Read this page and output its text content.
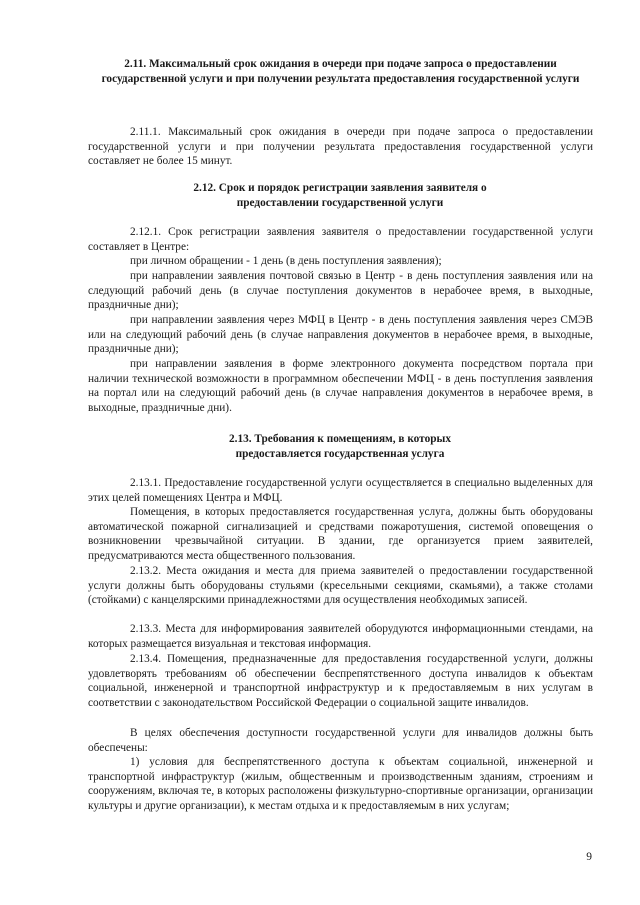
2.11. Максимальный срок ожидания в очереди при подаче запроса о предоставлении государственной услуги и при получении результата предоставления государственной услуги
2.11.1. Максимальный срок ожидания в очереди при подаче запроса о предоставлении государственной услуги и при получении результата предоставления государственной услуги составляет не более 15 минут.
2.12. Срок и порядок регистрации заявления заявителя о предоставлении государственной услуги
2.12.1. Срок регистрации заявления заявителя о предоставлении государственной услуги составляет в Центре:
при личном обращении - 1 день (в день поступления заявления);
при направлении заявления почтовой связью в Центр - в день поступления заявления или на следующий рабочий день (в случае поступления документов в нерабочее время, в выходные, праздничные дни);
при направлении заявления через МФЦ в Центр - в день поступления заявления через СМЭВ или на следующий рабочий день (в случае направления документов в нерабочее время, в выходные, праздничные дни);
при направлении заявления в форме электронного документа посредством портала при наличии технической возможности в программном обеспечении МФЦ - в день поступления заявления на портал или на следующий рабочий день (в случае направления документов в нерабочее время, в выходные, праздничные дни).
2.13. Требования к помещениям, в которых предоставляется государственная услуга
2.13.1. Предоставление государственной услуги осуществляется в специально выделенных для этих целей помещениях Центра и МФЦ.
Помещения, в которых предоставляется государственная услуга, должны быть оборудованы автоматической пожарной сигнализацией и средствами пожаротушения, системой оповещения о возникновении чрезвычайной ситуации. В здании, где организуется прием заявителей, предусматриваются места общественного пользования.
2.13.2. Места ожидания и места для приема заявителей о предоставлении государственной услуги должны быть оборудованы стульями (кресельными секциями, скамьями), а также столами (стойками) с канцелярскими принадлежностями для осуществления необходимых записей.
2.13.3. Места для информирования заявителей оборудуются информационными стендами, на которых размещается визуальная и текстовая информация.
2.13.4. Помещения, предназначенные для предоставления государственной услуги, должны удовлетворять требованиям об обеспечении беспрепятственного доступа инвалидов к объектам социальной, инженерной и транспортной инфраструктур и к предоставляемым в них услугам в соответствии с законодательством Российской Федерации о социальной защите инвалидов.
В целях обеспечения доступности государственной услуги для инвалидов должны быть обеспечены:
1) условия для беспрепятственного доступа к объектам социальной, инженерной и транспортной инфраструктур (жилым, общественным и производственным зданиям, строениям и сооружениям, включая те, в которых расположены физкультурно-спортивные организации, организации культуры и другие организации), к местам отдыха и к предоставляемым в них услугам;
9
